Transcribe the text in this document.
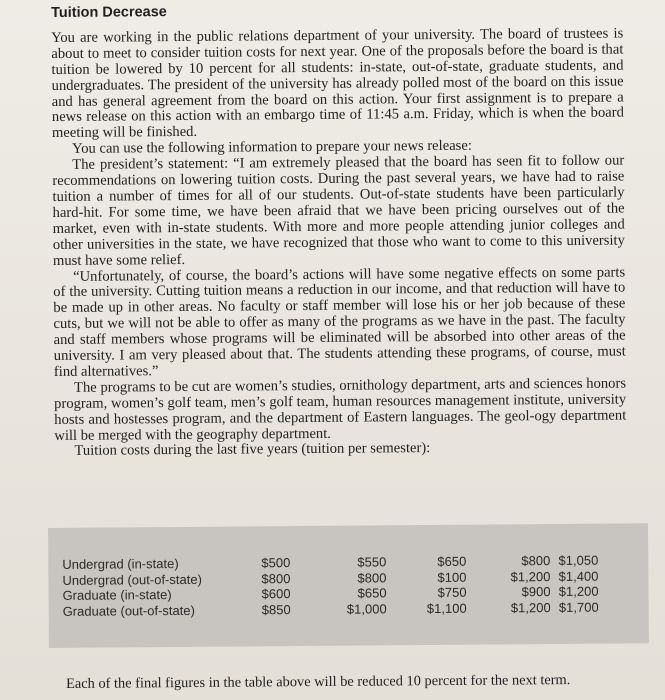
Tuition Decrease

You are working in the public relations department of your university. The board of trustees is about to meet to consider tuition costs for next year. One of the proposals before the board is that tuition be lowered by 10 percent for all students: in-state, out-of-state, graduate students, and undergraduates. The president of the university has already polled most of the board on this issue and has general agreement from the board on this action. Your first assignment is to prepare a news release on this action with an embargo time of 11:45 a.m. Friday, which is when the board meeting will be finished.

You can use the following information to prepare your news release:

The president’s statement: “I am extremely pleased that the board has seen fit to follow our recommendations on lowering tuition costs. During the past several years, we have had to raise tuition a number of times for all of our students. Out-of-state students have been particularly hard-hit. For some time, we have been afraid that we have been pricing ourselves out of the market, even with in-state students. With more and more people attending junior colleges and other universities in the state, we have recognized that those who want to come to this university must have some relief.

“Unfortunately, of course, the board’s actions will have some negative effects on some parts of the university. Cutting tuition means a reduction in our income, and that reduction will have to be made up in other areas. No faculty or staff member will lose his or her job because of these cuts, but we will not be able to offer as many of the programs as we have in the past. The faculty and staff members whose programs will be eliminated will be absorbed into other areas of the university. I am very pleased about that. The students attending these programs, of course, must find alternatives.”

The programs to be cut are women’s studies, ornithology department, arts and sciences honors program, women’s golf team, men’s golf team, human resources management institute, university hosts and hostesses program, and the department of Eastern languages. The geol-ogy department will be merged with the geography department.

Tuition costs during the last five years (tuition per semester):

Undergrad (in-state)	$500	$550	$650	$800	$1,050
Undergrad (out-of-state)	$800	$800	$100	$1,200	$1,400
Graduate (in-state)	$600	$650	$750	$900	$1,200
Graduate (out-of-state)	$850	$1,000	$1,100	$1,200	$1,700
Each of the final figures in the table above will be reduced 10 percent for the next term.
